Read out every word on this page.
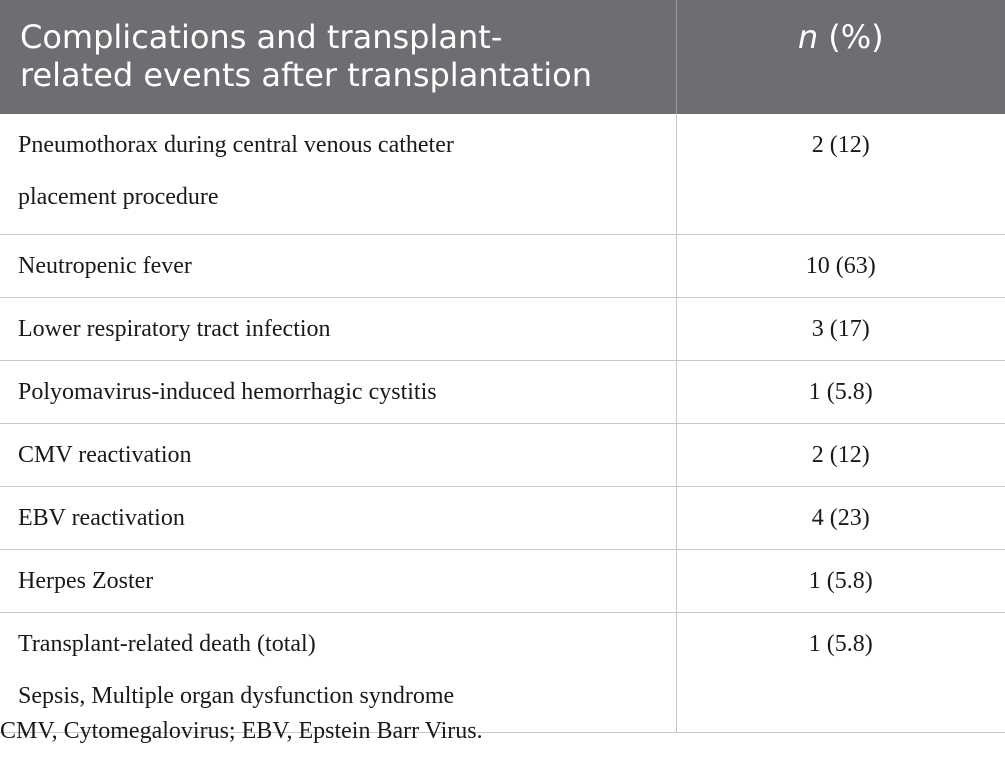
Complications and transplant-
related events after transplantation	n (%)

Pneumothorax during central venous catheter
placement procedure	2 (12)
Neutropenic fever	10 (63)
Lower respiratory tract infection	3 (17)
Polyomavirus-induced hemorrhagic cystitis	1 (5.8)
CMV reactivation	2 (12)
EBV reactivation	4 (23)
Herpes Zoster	1 (5.8)

Transplant-related death (total)
Sepsis, Multiple organ dysfunction syndrome	1 (5.8)
CMV, Cytomegalovirus; EBV, Epstein Barr Virus.
